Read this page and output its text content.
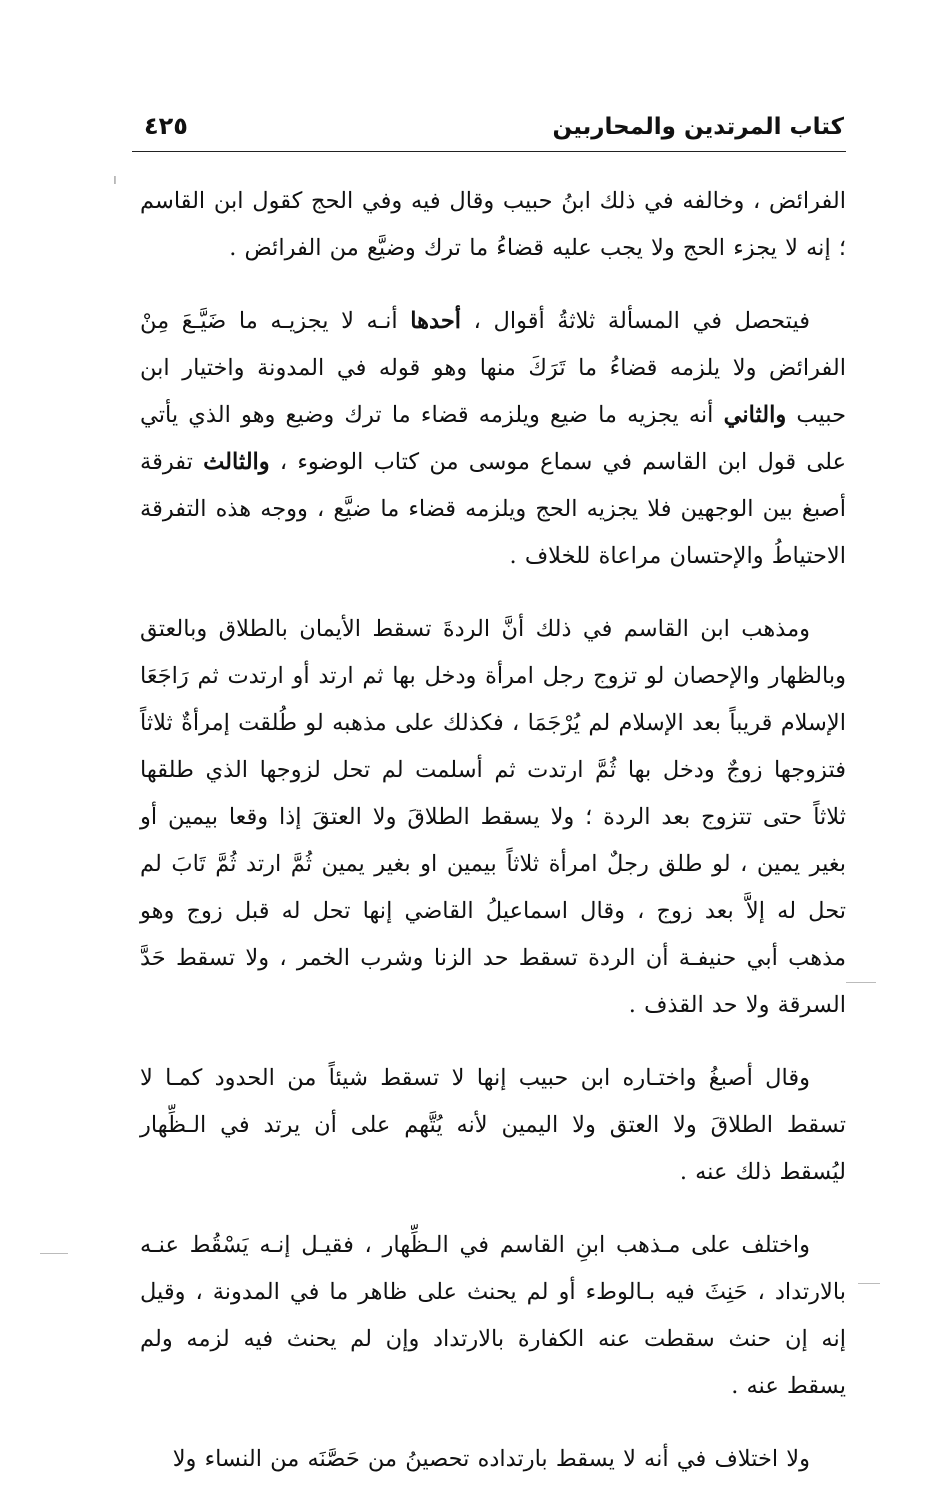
كتاب المرتدين والمحاربين
٤٢٥
ı

الفرائض ، وخالفه في ذلك ابنُ حبيب وقال فيه وفي الحج كقول ابن القاسم ؛ إنه لا يجزء الحج ولا يجب عليه قضاءُ ما ترك وضيَّع من الفرائض .

فيتحصل في المسألة ثلاثةُ أقوال ، أحدها أنـه لا يجزيـه ما ضَيَّـعَ مِنْ الفرائض ولا يلزمه قضاءُ ما تَرَكَ منها وهو قوله في المدونة واختيار ابن حبيب والثاني أنه يجزيه ما ضيع ويلزمه قضاء ما ترك وضيع وهو الذي يأتي على قول ابن القاسم في سماع موسى من كتاب الوضوء ، والثالث تفرقة أصبغ بين الوجهين فلا يجزيه الحج ويلزمه قضاء ما ضيَّع ، ووجه هذه التفرقة الاحتياطُ والإحتسان مراعاة للخلاف .

ومذهب ابن القاسم في ذلك أنَّ الردةَ تسقط الأيمان بالطلاق وبالعتق وبالظهار والإحصان لو تزوج رجل امرأة ودخل بها ثم ارتد أو ارتدت ثم رَاجَعَا الإسلام قريباً بعد الإسلام لم يُرْجَمَا ، فكذلك على مذهبه لو طُلقت إمرأةٌ ثلاثاً فتزوجها زوجٌ ودخل بها ثُمَّ ارتدت ثم أسلمت لم تحل لزوجها الذي طلقها ثلاثاً حتى تتزوج بعد الردة ؛ ولا يسقط الطلاقَ ولا العتقَ إذا وقعا بيمين أو بغير يمين ، لو طلق رجلٌ امرأة ثلاثاً بيمين او بغير يمين ثُمَّ ارتد ثُمَّ تَابَ لم تحل له إلاَّ بعد زوج ، وقال اسماعيلُ القاضي إنها تحل له قبل زوج وهو مذهب أبي حنيفـة أن الردة تسقط حد الزنا وشرب الخمر ، ولا تسقط حَدَّ السرقة ولا حد القذف .

وقال أصبغُ واختـاره ابن حبيب إنها لا تسقط شيئاً من الحدود كمـا لا تسقط الطلاقَ ولا العتق ولا اليمين لأنه يُتَّهم على أن يرتد في الـظِّهار ليُسقط ذلك عنه .

واختلف على مـذهب ابنِ القاسم في الـظِّهار ، فقيـل إنـه يَسْقُط عنـه بالارتداد ، حَنِثَ فيه بـالوطء أو لم يحنث على ظاهر ما في المدونة ، وقيل إنه إن حنث سقطت عنه الكفارة بالارتداد وإن لم يحنث فيه لزمه ولم يسقط عنه .

ولا اختلاف في أنه لا يسقط بارتداده تحصينُ من حَصَّنَه من النساء ولا
